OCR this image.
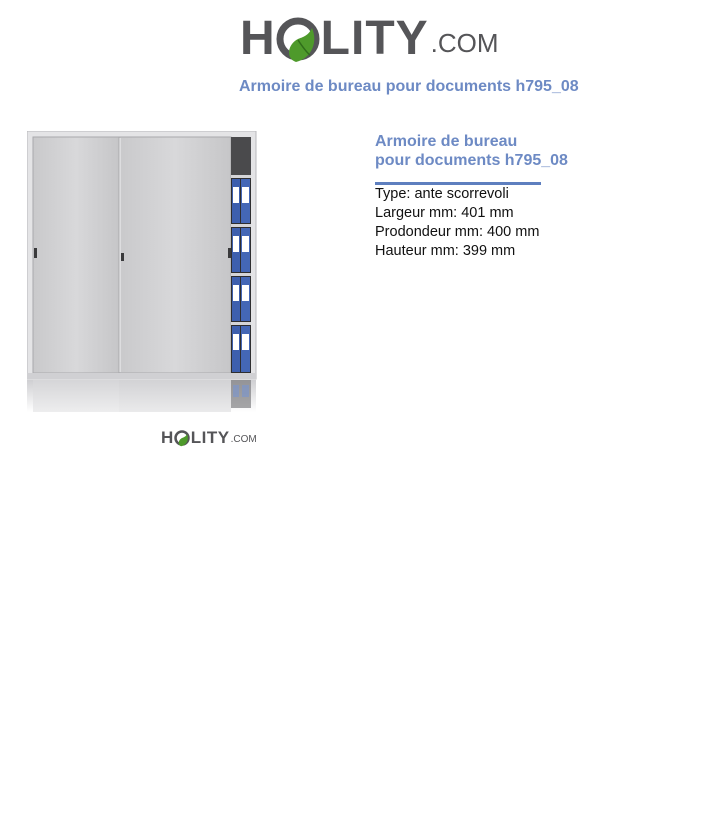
H LITY .COM
Armoire de bureau pour documents h795_08
H LITY .COM
Armoire de bureau
pour documents h795_08
Type: ante scorrevoli
Largeur mm: 401 mm
Prodondeur mm: 400 mm
Hauteur mm: 399 mm
